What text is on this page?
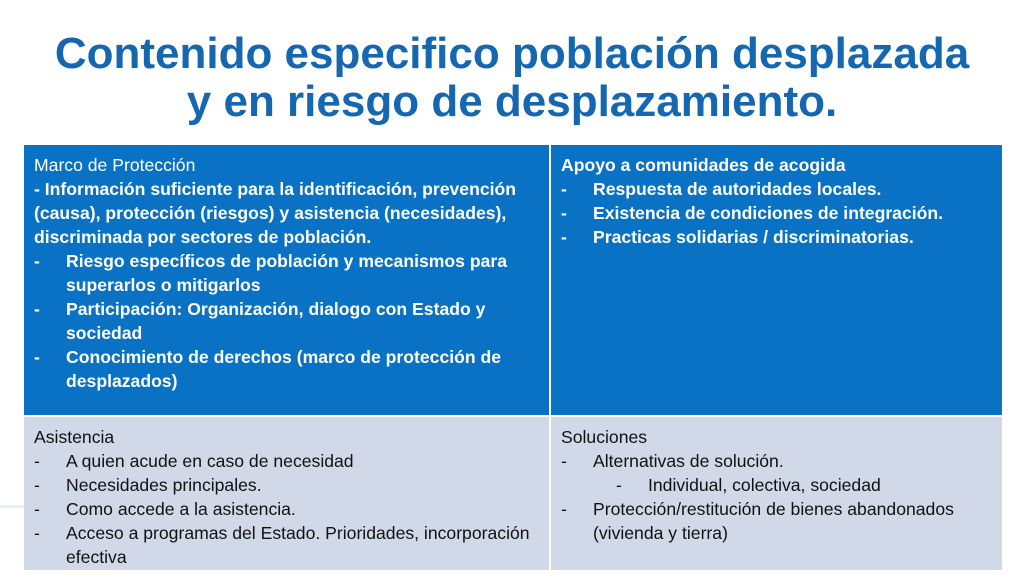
Contenido especifico población desplazada
y en riesgo de desplazamiento.
Marco de Protección
- Información suficiente para la identificación, prevención (causa), protección (riesgos) y asistencia (necesidades), discriminada por sectores de población.
-	Riesgo específicos de población y mecanismos para superarlos o mitigarlos
-	Participación: Organización, dialogo con Estado y sociedad
-	Conocimiento de derechos (marco de protección de desplazados)
Apoyo a comunidades de acogida
-	Respuesta de autoridades locales.
-	Existencia de condiciones de integración.
-	Practicas solidarias / discriminatorias.
Asistencia
-	A quien acude en caso de necesidad
-	Necesidades principales.
-	Como accede a la asistencia.
-	Acceso a programas del Estado. Prioridades, incorporación efectiva
Soluciones
-	Alternativas de solución.
-	Individual, colectiva, sociedad
-	Protección/restitución de bienes abandonados (vivienda y tierra)
